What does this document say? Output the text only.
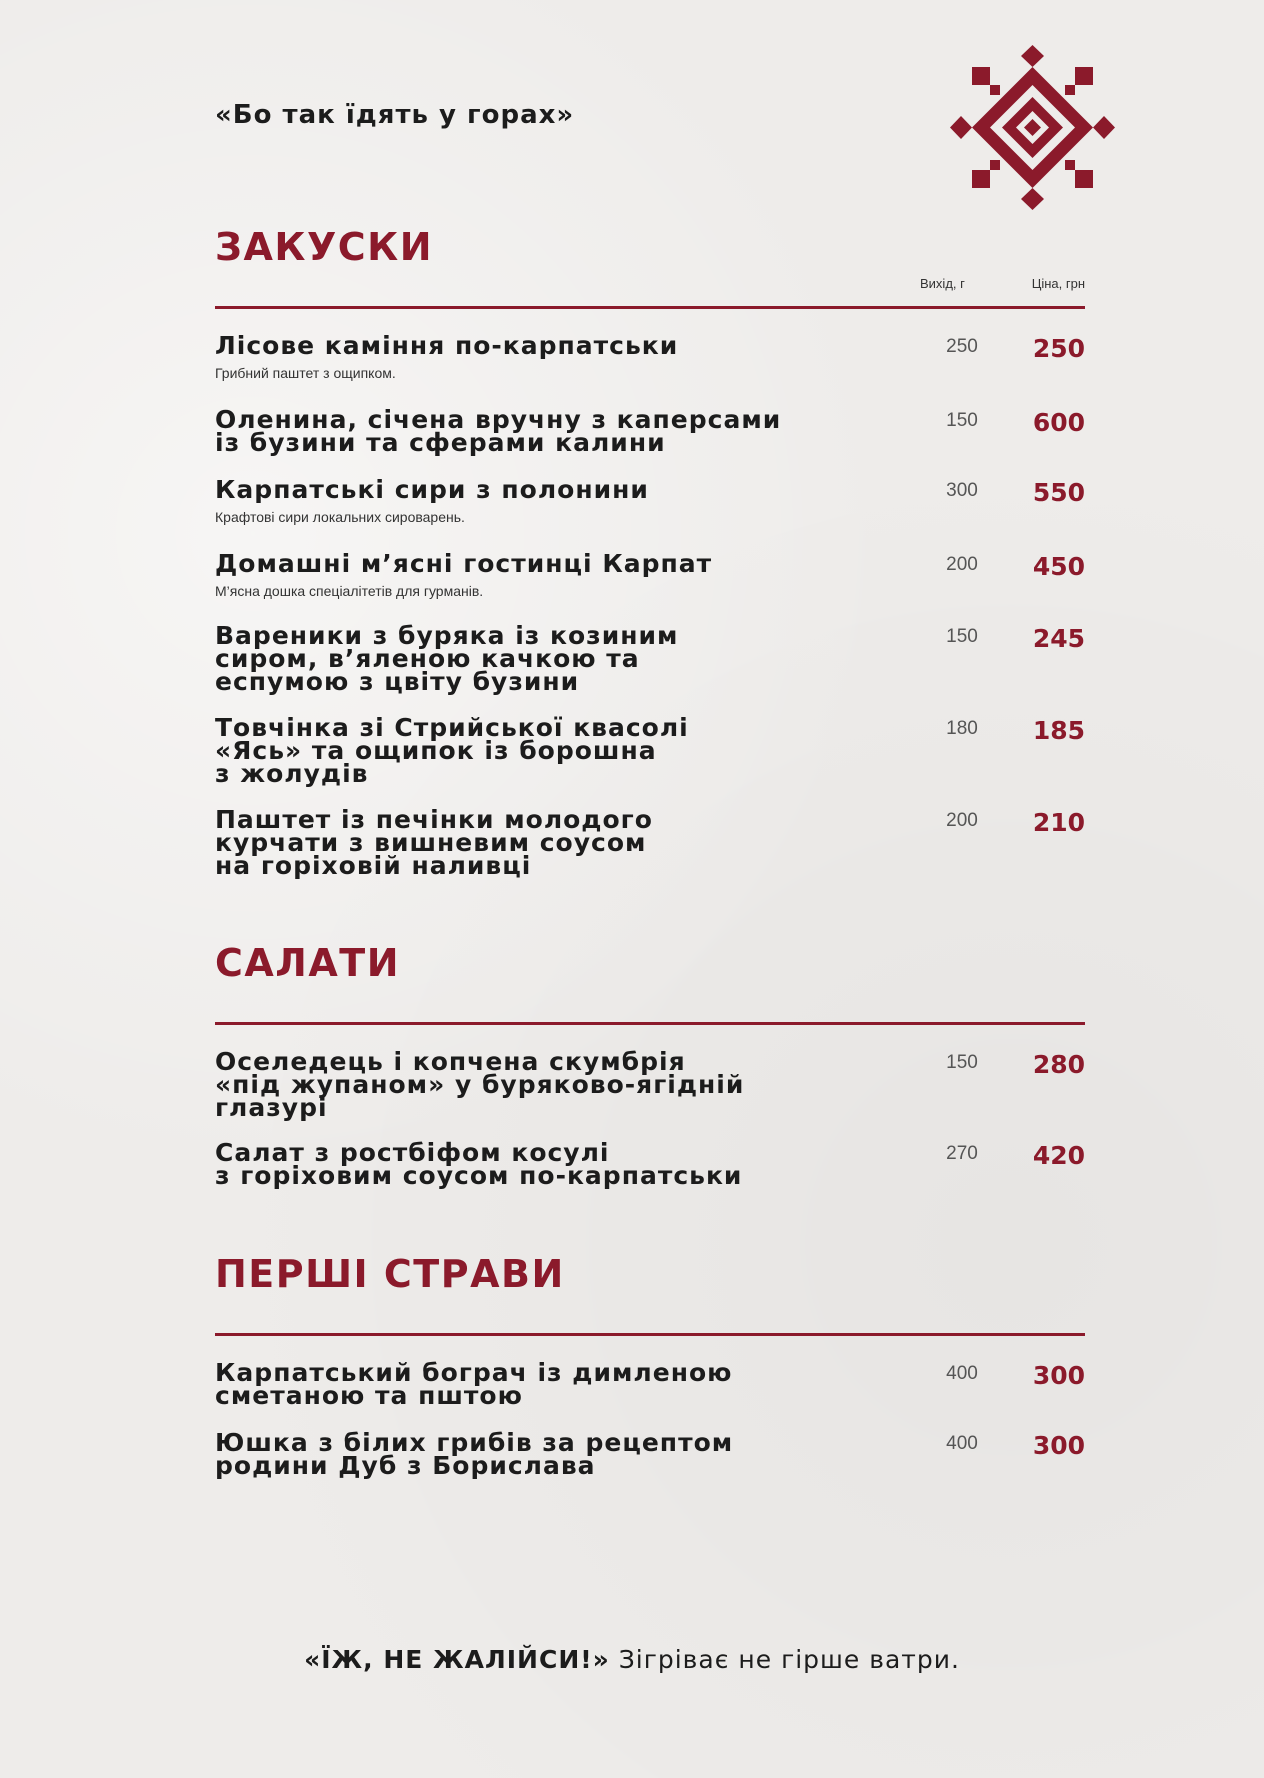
«Бо так їдять у горах»
ЗАКУСКИ
Вихід, г	Ціна, грн
Лісове каміння по-карпатськи
Грибний паштет з ощипком.
250	250
Оленина, січена вручну з каперсами
із бузини та сферами калини
150	600
Карпатські сири з полонини
Крафтові сири локальних сироварень.
300	550
Домашні м’ясні гостинці Карпат
М’ясна дошка спеціалітетів для гурманів.
200	450
Вареники з буряка із козиним
сиром, в’яленою качкою та
еспумою з цвіту бузини
150	245
Товчінка зі Стрийської квасолі
«Ясь» та ощипок із борошна
з жолудів
180	185
Паштет із печінки молодого
курчати з вишневим соусом
на горіховій наливці
200	210
САЛАТИ
Оселедець і копчена скумбрія
«під жупаном» у буряково-ягідній
глазурі
150	280
Салат з ростбіфом косулі
з горіховим соусом по-карпатськи
270	420
ПЕРШІ СТРАВИ
Карпатський бограч із димленою
сметаною та пштою
400	300
Юшка з білих грибів за рецептом
родини Дуб з Борислава
400	300
«ЇЖ, НЕ ЖАЛІЙСИ!» Зігріває не гірше ватри.
